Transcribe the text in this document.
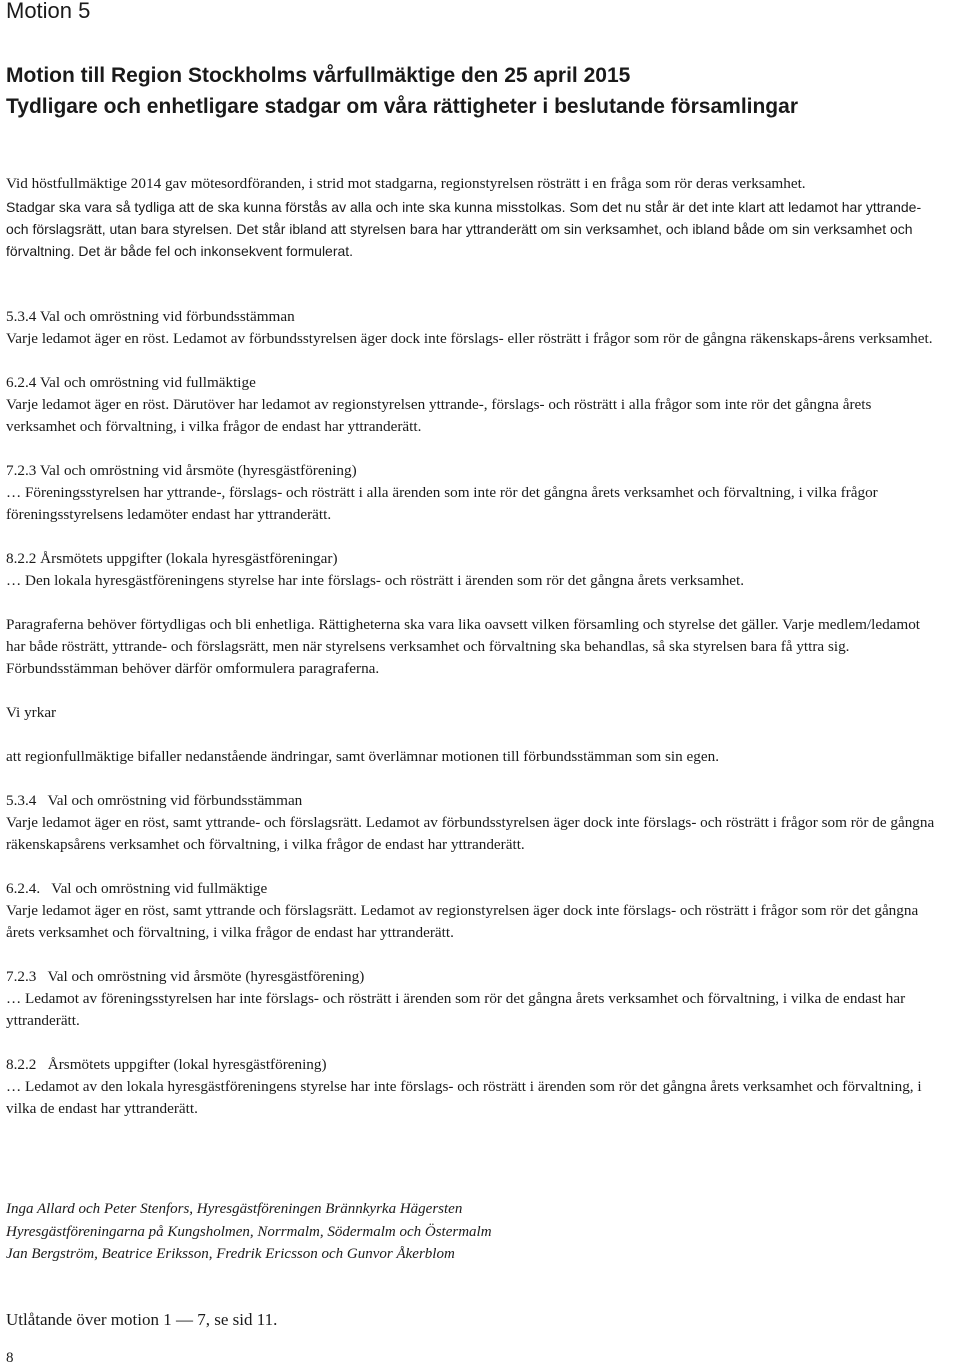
Motion 5
Motion till Region Stockholms vårfullmäktige den 25 april 2015
Tydligare och enhetligare stadgar om våra rättigheter i beslutande församlingar

Vid höstfullmäktige 2014 gav mötesordföranden, i strid mot stadgarna, regionstyrelsen rösträtt i en fråga som rör deras verksamhet.

Stadgar ska vara så tydliga att de ska kunna förstås av alla och inte ska kunna misstolkas. Som det nu står är det inte klart att ledamot har yttrande- och förslagsrätt, utan bara styrelsen. Det står ibland att styrelsen bara har yttranderätt om sin verksamhet, och ibland både om sin verksamhet och förvaltning. Det är både fel och inkonsekvent formulerat.

5.3.4 Val och omröstning vid förbundsstämman

Varje ledamot äger en röst. Ledamot av förbundsstyrelsen äger dock inte förslags- eller rösträtt i frågor som rör de gångna räkenskaps-årens verksamhet.

6.2.4 Val och omröstning vid fullmäktige

Varje ledamot äger en röst. Därutöver har ledamot av regionstyrelsen yttrande-, förslags- och rösträtt i alla frågor som inte rör det gångna årets verksamhet och förvaltning, i vilka frågor de endast har yttranderätt.

7.2.3 Val och omröstning vid årsmöte (hyresgästförening)

… Föreningsstyrelsen har yttrande-, förslags- och rösträtt i alla ärenden som inte rör det gångna årets verksamhet och förvaltning, i vilka frågor föreningsstyrelsens ledamöter endast har yttranderätt.

8.2.2 Årsmötets uppgifter (lokala hyresgästföreningar)

… Den lokala hyresgästföreningens styrelse har inte förslags- och rösträtt i ärenden som rör det gångna årets verksamhet.

Paragraferna behöver förtydligas och bli enhetliga. Rättigheterna ska vara lika oavsett vilken församling och styrelse det gäller. Varje medlem/ledamot har både rösträtt, yttrande- och förslagsrätt, men när styrelsens verksamhet och förvaltning ska behandlas, så ska styrelsen bara få yttra sig. Förbundsstämman behöver därför omformulera paragraferna.

Vi yrkar

att regionfullmäktige bifaller nedanstående ändringar, samt överlämnar motionen till förbundsstämman som sin egen.

5.3.4   Val och omröstning vid förbundsstämman

Varje ledamot äger en röst, samt yttrande- och förslagsrätt. Ledamot av förbundsstyrelsen äger dock inte förslags- och rösträtt i frågor som rör de gångna räkenskapsårens verksamhet och förvaltning, i vilka frågor de endast har yttranderätt.

6.2.4.   Val och omröstning vid fullmäktige

Varje ledamot äger en röst, samt yttrande och förslagsrätt. Ledamot av regionstyrelsen äger dock inte förslags- och rösträtt i frågor som rör det gångna årets verksamhet och förvaltning, i vilka frågor de endast har yttranderätt.

7.2.3   Val och omröstning vid årsmöte (hyresgästförening)

… Ledamot av föreningsstyrelsen har inte förslags- och rösträtt i ärenden som rör det gångna årets verksamhet och förvaltning, i vilka de endast har yttranderätt.

8.2.2   Årsmötets uppgifter (lokal hyresgästförening)

… Ledamot av den lokala hyresgästföreningens styrelse har inte förslags- och rösträtt i ärenden som rör det gångna årets verksamhet och förvaltning, i vilka de endast har yttranderätt.

Inga Allard och Peter Stenfors, Hyresgästföreningen Brännkyrka Hägersten
Hyresgästföreningarna på Kungsholmen, Norrmalm, Södermalm och Östermalm
Jan Bergström, Beatrice Eriksson, Fredrik Ericsson och Gunvor Åkerblom
Utlåtande över motion 1 — 7, se sid 11.
8
